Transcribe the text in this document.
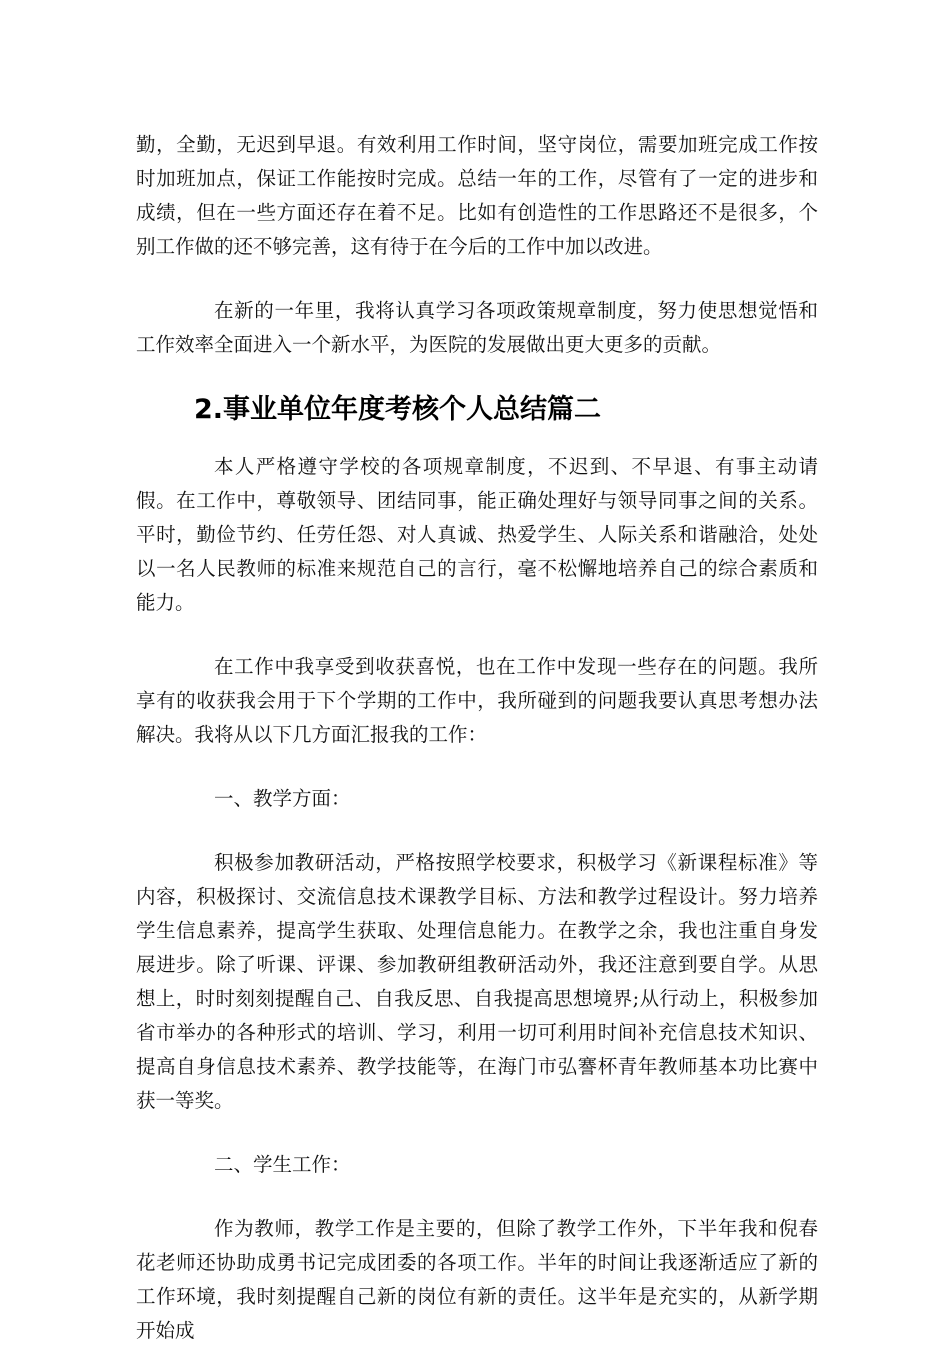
勤，全勤，无迟到早退。有效利用工作时间，坚守岗位，需要加班完成工作按时加班加点，保证工作能按时完成。总结一年的工作，尽管有了一定的进步和成绩，但在一些方面还存在着不足。比如有创造性的工作思路还不是很多，个别工作做的还不够完善，这有待于在今后的工作中加以改进。

在新的一年里，我将认真学习各项政策规章制度，努力使思想觉悟和工作效率全面进入一个新水平，为医院的发展做出更大更多的贡献。

2.事业单位年度考核个人总结篇二

本人严格遵守学校的各项规章制度，不迟到、不早退、有事主动请假。在工作中，尊敬领导、团结同事，能正确处理好与领导同事之间的关系。平时，勤俭节约、任劳任怨、对人真诚、热爱学生、人际关系和谐融洽，处处以一名人民教师的标准来规范自己的言行，毫不松懈地培养自己的综合素质和能力。

在工作中我享受到收获喜悦，也在工作中发现一些存在的问题。我所享有的收获我会用于下个学期的工作中，我所碰到的问题我要认真思考想办法解决。我将从以下几方面汇报我的工作：

一、教学方面：

积极参加教研活动，严格按照学校要求，积极学习《新课程标准》等内容，积极探讨、交流信息技术课教学目标、方法和教学过程设计。努力培养学生信息素养，提高学生获取、处理信息能力。在教学之余，我也注重自身发展进步。除了听课、评课、参加教研组教研活动外，我还注意到要自学。从思想上，时时刻刻提醒自己、自我反思、自我提高思想境界;从行动上，积极参加省市举办的各种形式的培训、学习，利用一切可利用时间补充信息技术知识、提高自身信息技术素养、教学技能等，在海门市弘謇杯青年教师基本功比赛中获一等奖。

二、学生工作：

作为教师，教学工作是主要的，但除了教学工作外，下半年我和倪春花老师还协助成勇书记完成团委的各项工作。半年的时间让我逐渐适应了新的工作环境，我时刻提醒自己新的岗位有新的责任。这半年是充实的，从新学期开始成
